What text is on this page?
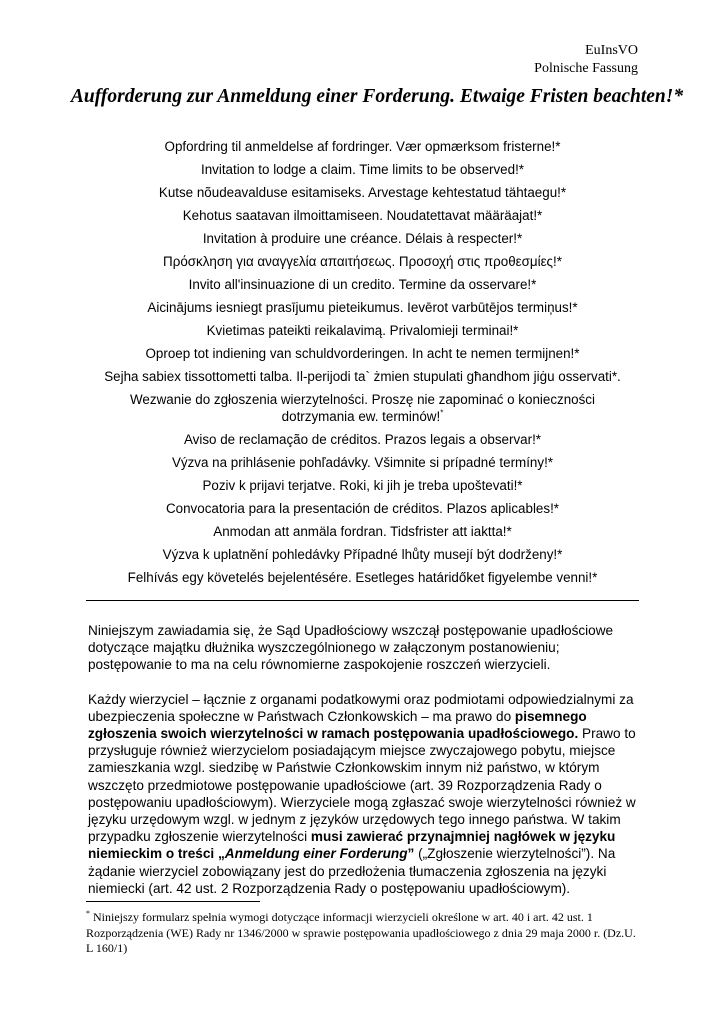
EuInsVO
Polnische Fassung
Aufforderung zur Anmeldung einer Forderung. Etwaige Fristen beachten!*
Opfordring til anmeldelse af fordringer. Vær opmærksom fristerne!*
Invitation to lodge a claim. Time limits to be observed!*
Kutse nõudeavalduse esitamiseks. Arvestage kehtestatud tähtaegu!*
Kehotus saatavan ilmoittamiseen. Noudatettavat määräajat!*
Invitation à produire une créance. Délais à respecter!*
Πρόσκληση για αναγγελία απαιτήσεως. Προσοχή στις προθεσμίες!*
Invito all'insinuazione di un credito. Termine da osservare!*
Aicinājums iesniegt prasījumu pieteikumus. Ievērot varbūtējos termiņus!*
Kvietimas pateikti reikalavimą. Privalomieji terminai!*
Oproep tot indiening van schuldvorderingen. In acht te nemen termijnen!*
Sejha sabiex tissottometti talba. Il-perijodi ta` żmien stupulati għandhom jiġu osservati*.
Wezwanie do zgłoszenia wierzytelności. Proszę nie zapominać o konieczności dotrzymania ew. terminów!*
Aviso de reclamação de créditos. Prazos legais a observar!*
Výzva na prihlásenie pohľadávky. Všimnite si prípadné termíny!*
Poziv k prijavi terjatve. Roki, ki jih je treba upoštevati!*
Convocatoria para la presentación de créditos. Plazos aplicables!*
Anmodan att anmäla fordran. Tidsfrister att iaktta!*
Výzva k uplatnění pohledávky Případné lhůty musejí být dodrženy!*
Felhívás egy követelés bejelentésére. Esetleges határidőket figyelembe venni!*

Niniejszym zawiadamia się, że Sąd Upadłościowy wszczął postępowanie upadłościowe dotyczące majątku dłużnika wyszczególnionego w załączonym postanowieniu; postępowanie to ma na celu równomierne zaspokojenie roszczeń wierzycieli.

Każdy wierzyciel – łącznie z organami podatkowymi oraz podmiotami odpowiedzialnymi za ubezpieczenia społeczne w Państwach Członkowskich – ma prawo do pisemnego zgłoszenia swoich wierzytelności w ramach postępowania upadłościowego. Prawo to przysługuje również wierzycielom posiadającym miejsce zwyczajowego pobytu, miejsce zamieszkania wzgl. siedzibę w Państwie Członkowskim innym niż państwo, w którym wszczęto przedmiotowe postępowanie upadłościowe (art. 39 Rozporządzenia Rady o postępowaniu upadłościowym). Wierzyciele mogą zgłaszać swoje wierzytelności również w języku urzędowym wzgl. w jednym z języków urzędowych tego innego państwa. W takim przypadku zgłoszenie wierzytelności musi zawierać przynajmniej nagłówek w języku niemieckim o treści „Anmeldung einer Forderung” („Zgłoszenie wierzytelności”). Na żądanie wierzyciel zobowiązany jest do przedłożenia tłumaczenia zgłoszenia na języki niemiecki (art. 42 ust. 2 Rozporządzenia Rady o postępowaniu upadłościowym).

* Niniejszy formularz spełnia wymogi dotyczące informacji wierzycieli określone w art. 40 i art. 42 ust. 1 Rozporządzenia (WE) Rady nr 1346/2000 w sprawie postępowania upadłościowego z dnia 29 maja 2000 r. (Dz.U. L 160/1)
